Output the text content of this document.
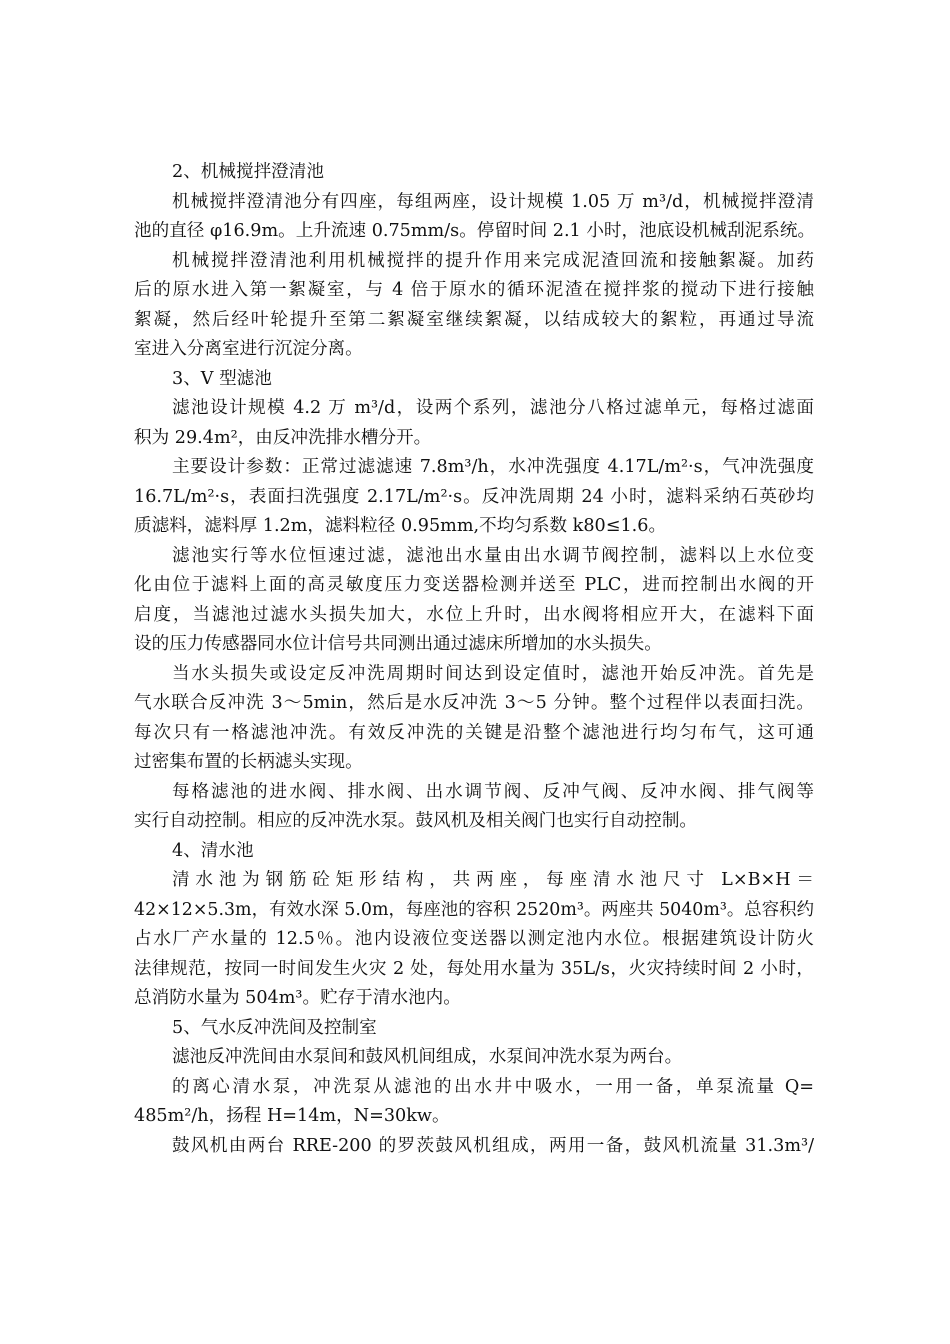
2、机械搅拌澄清池
机械搅拌澄清池分有四座，每组两座，设计规模 1.05 万 m³/d，机械搅拌澄清
池的直径 φ16.9m。上升流速 0.75mm/s。停留时间 2.1 小时，池底设机械刮泥系统。
机械搅拌澄清池利用机械搅拌的提升作用来完成泥渣回流和接触絮凝。加药
后的原水进入第一絮凝室，与 4 倍于原水的循环泥渣在搅拌浆的搅动下进行接触
絮凝，然后经叶轮提升至第二絮凝室继续絮凝，以结成较大的絮粒，再通过导流
室进入分离室进行沉淀分离。
3、V 型滤池
滤池设计规模 4.2 万 m³/d，设两个系列，滤池分八格过滤单元，每格过滤面
积为 29.4m²，由反冲洗排水槽分开。
主要设计参数：正常过滤滤速 7.8m³/h，水冲洗强度 4.17L/m²·s，气冲洗强度
16.7L/m²·s，表面扫洗强度 2.17L/m²·s。反冲洗周期 24 小时，滤料采纳石英砂均
质滤料，滤料厚 1.2m，滤料粒径 0.95mm,不均匀系数 k80≤1.6。
滤池实行等水位恒速过滤，滤池出水量由出水调节阀控制，滤料以上水位变
化由位于滤料上面的高灵敏度压力变送器检测并送至 PLC，进而控制出水阀的开
启度，当滤池过滤水头损失加大，水位上升时，出水阀将相应开大，在滤料下面
设的压力传感器同水位计信号共同测出通过滤床所增加的水头损失。
当水头损失或设定反冲洗周期时间达到设定值时，滤池开始反冲洗。首先是
气水联合反冲洗 3～5min，然后是水反冲洗 3～5 分钟。整个过程伴以表面扫洗。
每次只有一格滤池冲洗。有效反冲洗的关键是沿整个滤池进行均匀布气，这可通
过密集布置的长柄滤头实现。
每格滤池的进水阀、排水阀、出水调节阀、反冲气阀、反冲水阀、排气阀等
实行自动控制。相应的反冲洗水泵。鼓风机及相关阀门也实行自动控制。
4、清水池
清水池为钢筋砼矩形结构，共两座，每座清水池尺寸 L×B×H＝
42×12×5.3m，有效水深 5.0m，每座池的容积 2520m³。两座共 5040m³。总容积约
占水厂产水量的 12.5％。池内设液位变送器以测定池内水位。根据建筑设计防火
法律规范，按同一时间发生火灾 2 处，每处用水量为 35L/s，火灾持续时间 2 小时，
总消防水量为 504m³。贮存于清水池内。
5、气水反冲洗间及控制室
滤池反冲洗间由水泵间和鼓风机间组成，水泵间冲洗水泵为两台。
的离心清水泵，冲洗泵从滤池的出水井中吸水，一用一备，单泵流量 Q=
485m²/h，扬程 H=14m，N=30kw。
鼓风机由两台 RRE-200 的罗茨鼓风机组成，两用一备，鼓风机流量 31.3m³/
